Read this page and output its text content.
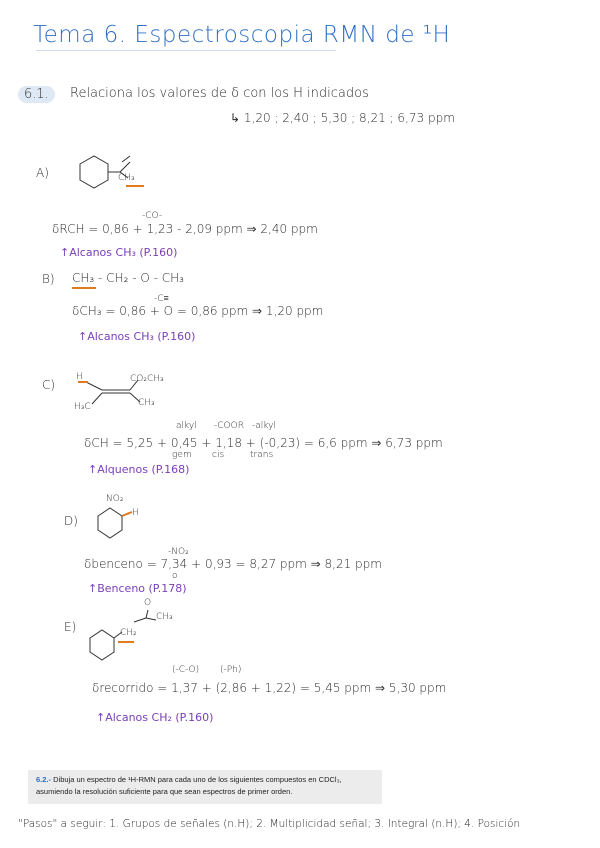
Tema 6. Espectroscopia RMN de ¹H
6.1.	Relaciona los valores de δ con los H indicados
↳ 1,20 ; 2,40 ; 5,30 ; 8,21 ; 6,73 ppm
A)	CH₃
-CO-
δRCH = 0,86 + 1,23 - 2,09 ppm ⇒ 2,40 ppm
↑Alcanos CH₃ (P.160)
B) CH₃ - CH₂ - O - CH₃
-C≡
δCH₃ = 0,86 + O = 0,86 ppm ⇒ 1,20 ppm
↑Alcanos CH₃ (P.160)
C)
H	CO₂CH₃
H₃C	CH₃
alkyl -COOR -alkyl
δCH = 5,25 + 0,45 + 1,18 + (-0,23) = 6,6 ppm ⇒ 6,73 ppm
gem cis	trans
↑Alquenos (P.168)
D)
NO₂
H
-NO₂
δbenceno = 7,34 + 0,93 = 8,27 ppm ⇒ 8,21 ppm
o
↑Benceno (P.178)
E)
O
CH₃
CH₂
(-C-O) (-Ph)
δrecorrido = 1,37 + (2,86 + 1,22) = 5,45 ppm ⇒ 5,30 ppm
↑Alcanos CH₂ (P.160)
6.2.- Dibuja un espectro de ¹H-RMN para cada uno de los siguientes compuestos en CDCl₃, asumiendo la resolución suficiente para que sean espectros de primer orden.
"Pasos" a seguir: 1. Grupos de señales (n.H); 2. Multiplicidad señal; 3. Integral (n.H); 4. Posición
